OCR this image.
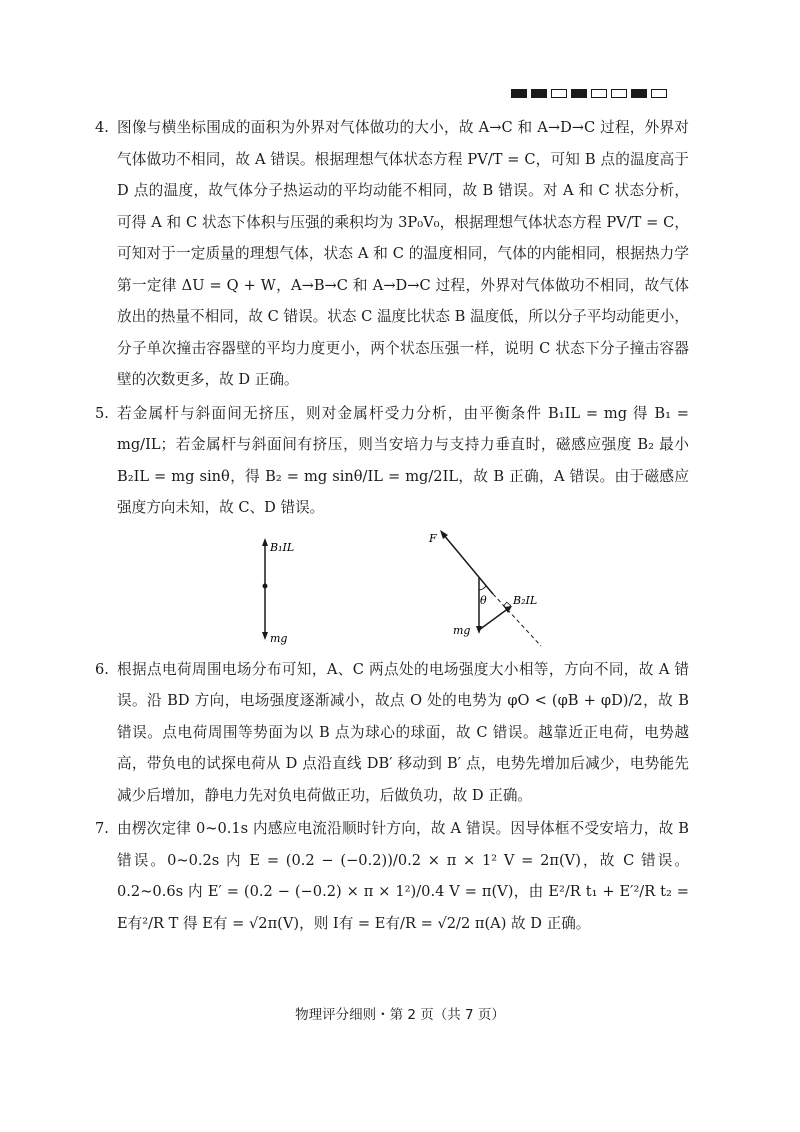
4. 图像与横坐标围成的面积为外界对气体做功的大小，故 A→C 和 A→D→C 过程，外界对气体做功不相同，故 A 错误。根据理想气体状态方程 PV/T = C，可知 B 点的温度高于 D 点的温度，故气体分子热运动的平均动能不相同，故 B 错误。对 A 和 C 状态分析，可得 A 和 C 状态下体积与压强的乘积均为 3P₀V₀，根据理想气体状态方程 PV/T = C，可知对于一定质量的理想气体，状态 A 和 C 的温度相同，气体的内能相同，根据热力学第一定律 ΔU = Q + W，A→B→C 和 A→D→C 过程，外界对气体做功不相同，故气体放出的热量不相同，故 C 错误。状态 C 温度比状态 B 温度低，所以分子平均动能更小，分子单次撞击容器壁的平均力度更小，两个状态压强一样，说明 C 状态下分子撞击容器壁的次数更多，故 D 正确。

5. 若金属杆与斜面间无挤压，则对金属杆受力分析，由平衡条件 B₁IL = mg 得 B₁ = mg/IL；若金属杆与斜面间有挤压，则当安培力与支持力垂直时，磁感应强度 B₂ 最小 B₂IL = mg sinθ，得 B₂ = mg sinθ/IL = mg/2IL，故 B 正确，A 错误。由于磁感应强度方向未知，故 C、D 错误。

B₁IL
mg
F
θ B₂IL
mg
6. 根据点电荷周围电场分布可知，A、C 两点处的电场强度大小相等，方向不同，故 A 错误。沿 BD 方向，电场强度逐渐减小，故点 O 处的电势为 φO < (φB + φD)/2，故 B 错误。点电荷周围等势面为以 B 点为球心的球面，故 C 错误。越靠近正电荷，电势越高，带负电的试探电荷从 D 点沿直线 DB′ 移动到 B′ 点，电势先增加后减少，电势能先减少后增加，静电力先对负电荷做正功，后做负功，故 D 正确。

7. 由楞次定律 0~0.1s 内感应电流沿顺时针方向，故 A 错误。因导体框不受安培力，故 B 错误。0~0.2s 内 E = (0.2 − (−0.2))/0.2 × π × 1² V = 2π(V)，故 C 错误。0.2~0.6s 内 E′ = (0.2 − (−0.2) × π × 1²)/0.4 V = π(V)，由 E²/R t₁ + E′²/R t₂ = E有²/R T 得 E有 = √2π(V)，则 I有 = E有/R = √2/2 π(A) 故 D 正确。

物理评分细则・第 2 页（共 7 页）
